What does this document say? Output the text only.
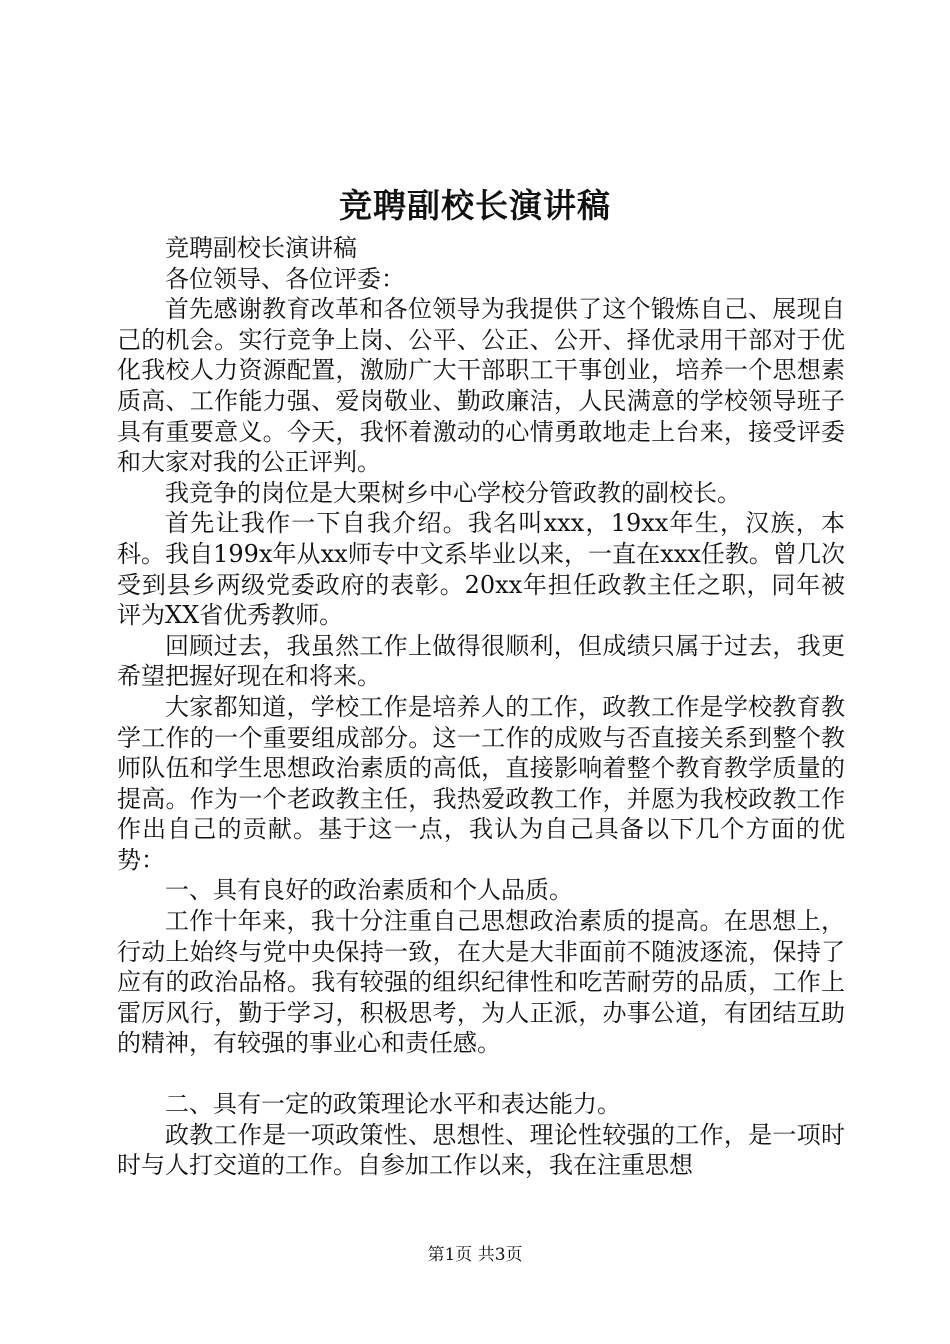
竞聘副校长演讲稿

竞聘副校长演讲稿

各位领导、各位评委：

首先感谢教育改革和各位领导为我提供了这个锻炼自己、展现自己的机会。实行竞争上岗、公平、公正、公开、择优录用干部对于优化我校人力资源配置，激励广大干部职工干事创业，培养一个思想素质高、工作能力强、爱岗敬业、勤政廉洁，人民满意的学校领导班子具有重要意义。今天，我怀着激动的心情勇敢地走上台来，接受评委和大家对我的公正评判。

我竞争的岗位是大栗树乡中心学校分管政教的副校长。

首先让我作一下自我介绍。我名叫xxx，19xx年生，汉族，本科。我自199x年从xx师专中文系毕业以来，一直在xxx任教。曾几次受到县乡两级党委政府的表彰。20xx年担任政教主任之职，同年被评为XX省优秀教师。

回顾过去，我虽然工作上做得很顺利，但成绩只属于过去，我更希望把握好现在和将来。

大家都知道，学校工作是培养人的工作，政教工作是学校教育教学工作的一个重要组成部分。这一工作的成败与否直接关系到整个教师队伍和学生思想政治素质的高低，直接影响着整个教育教学质量的提高。作为一个老政教主任，我热爱政教工作，并愿为我校政教工作作出自己的贡献。基于这一点，我认为自己具备以下几个方面的优势：

一、具有良好的政治素质和个人品质。

工作十年来，我十分注重自己思想政治素质的提高。在思想上，行动上始终与党中央保持一致，在大是大非面前不随波逐流，保持了应有的政治品格。我有较强的组织纪律性和吃苦耐劳的品质，工作上雷厉风行，勤于学习，积极思考，为人正派，办事公道，有团结互助的精神，有较强的事业心和责任感。

二、具有一定的政策理论水平和表达能力。

政教工作是一项政策性、思想性、理论性较强的工作，是一项时时与人打交道的工作。自参加工作以来，我在注重思想

第1页 共3页
